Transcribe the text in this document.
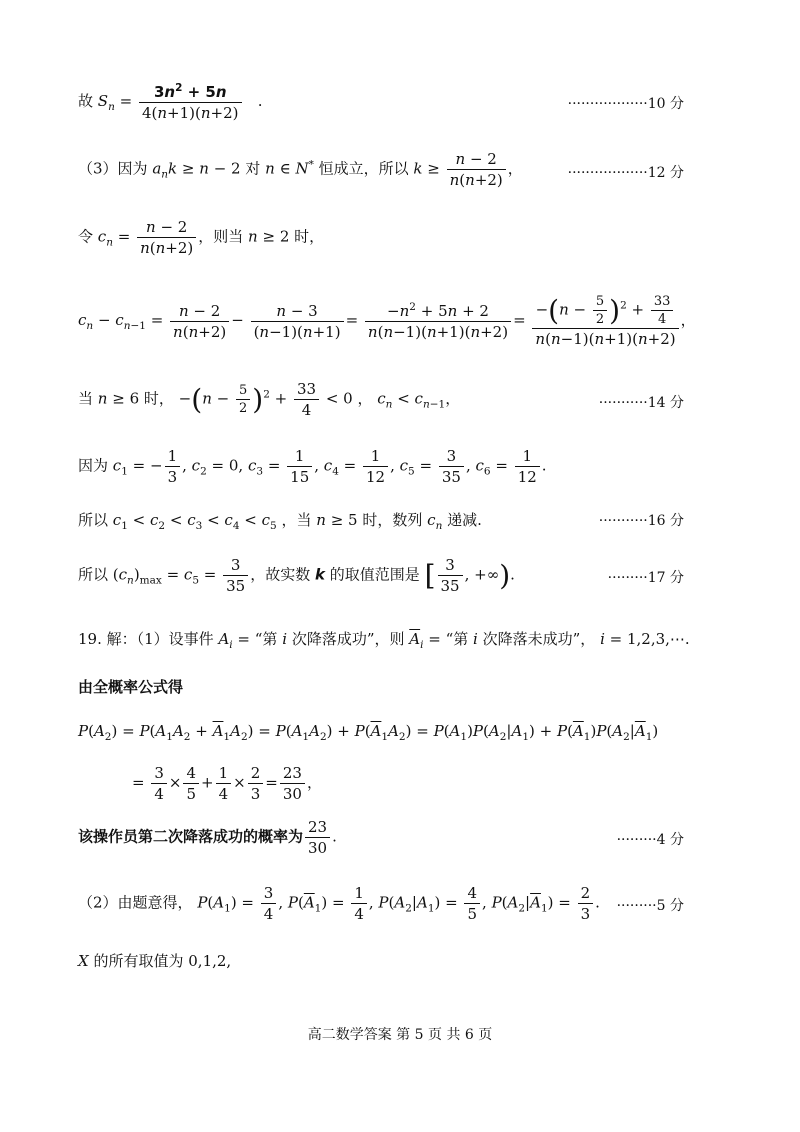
故 $S_n = \frac{3n^2 + 5n}{4(n+1)(n+2)}$ .	··················10 分
（3）因为 $a_nk \ge n - 2$ 对 n ∈ N* 恒成立，所以 $k \ge \frac{n - 2}{n(n+2)}$ ，	··················12 分
令 $c_n = \frac{n - 2}{n(n+2)}$ ，则当 n ≥ 2 时，
$c_n - c_{n-1} = \frac{n - 2}{n(n+2)} - \frac{n - 3}{(n-1)(n+1)} = \frac{-n^2 + 5n + 2}{n(n-1)(n+1)(n+2)} = \frac{-(n - \frac{5}{2} )^2 + \frac{33}{4}}{n(n-1)(n+1)(n+2)}$ ，
当 n ≥ 6 时， $-(n - \frac{5}{2} )^2 + \frac{33}{4} < 0$ ， $c_n < c_{n-1}$，	···········14 分
因为 $c_1$ = − $\frac{1}{3}$ , $c_2 = 0$, $c_3 = \frac{1}{15}$ , $c_4 = \frac{1}{12}$ , $c_5 = \frac{3}{35}$ , $c_6 = \frac{1}{12}$ .
所以 $c_1 < c_2 < c_3 < c_4 < c_5$ ，当 n ≥ 5 时，数列 $c_n$ 递减.	···········16 分
所以 $(c_n)_{max} = c_5 = \frac{3}{35}$ ，故实数 k 的取值范围是 [ $\frac{3}{35}$ , +∞).	·········17 分
19. 解：（1）设事件 $A_i$ = “第 i 次降落成功”，则 $\overline{A}_i$ = “第 i 次降落未成功”， i = 1,2,3,⋯.
由全概率公式得
$P(A_2) = P(A_1A_2 + \overline{A}_1A_2) = P(A_1A_2) + P(\overline{A}_1A_2) = P(A_1)P(A_2|A_1) + P(\overline{A}_1)P(A_2|\overline{A}_1)$
= $\frac{3}{4} \times \frac{4}{5} + \frac{1}{4} \times \frac{2}{3} = \frac{23}{30}$ ，
该操作员第二次降落成功的概率为 $\frac{23}{30}$ .	·········4 分
（2）由题意得， $P(A_1) = \frac{3}{4}$ , $P(\overline{A}_1) = \frac{1}{4}$ , $P(A_2|A_1) = \frac{4}{5}$ , $P(A_2|\overline{A}_1) = \frac{2}{3}$ .	·········5 分
X 的所有取值为 0,1,2,
高二数学答案 第 5 页 共 6 页
